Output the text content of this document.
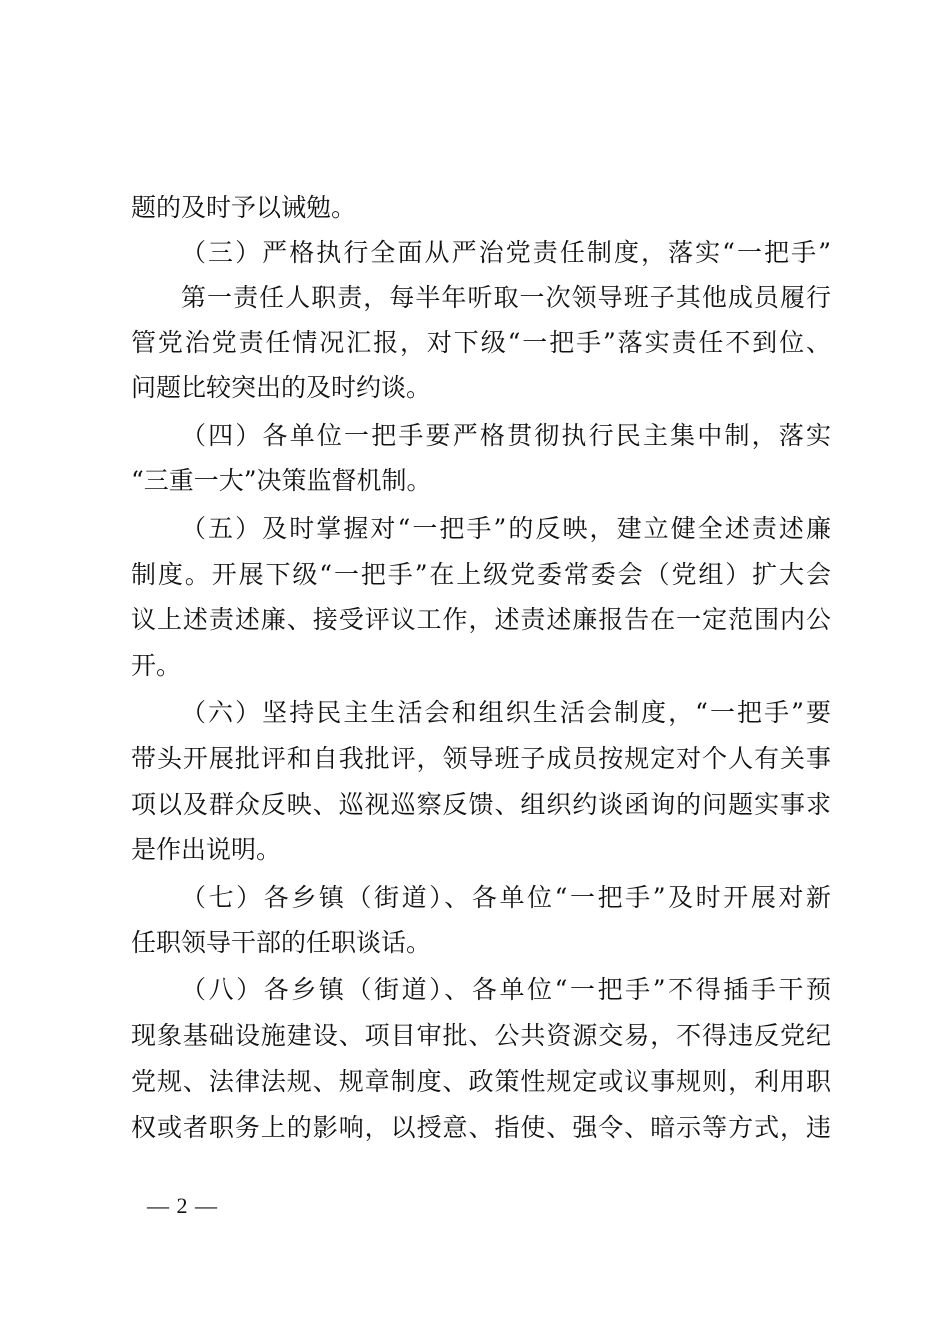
题的及时予以诫勉。
（三）严格执行全面从严治党责任制度，落实“一把手”
第一责任人职责，每半年听取一次领导班子其他成员履行
管党治党责任情况汇报，对下级“一把手”落实责任不到位、
问题比较突出的及时约谈。
（四）各单位一把手要严格贯彻执行民主集中制，落实
“三重一大”决策监督机制。
（五）及时掌握对“一把手”的反映，建立健全述责述廉
制度。开展下级“一把手”在上级党委常委会（党组）扩大会
议上述责述廉、接受评议工作，述责述廉报告在一定范围内公
开。
（六）坚持民主生活会和组织生活会制度，“一把手”要
带头开展批评和自我批评，领导班子成员按规定对个人有关事
项以及群众反映、巡视巡察反馈、组织约谈函询的问题实事求
是作出说明。
（七）各乡镇（街道）、各单位“一把手”及时开展对新
任职领导干部的任职谈话。
（八）各乡镇（街道）、各单位“一把手”不得插手干预
现象基础设施建设、项目审批、公共资源交易，不得违反党纪
党规、法律法规、规章制度、政策性规定或议事规则，利用职
权或者职务上的影响，以授意、指使、强令、暗示等方式，违
— 2 —
